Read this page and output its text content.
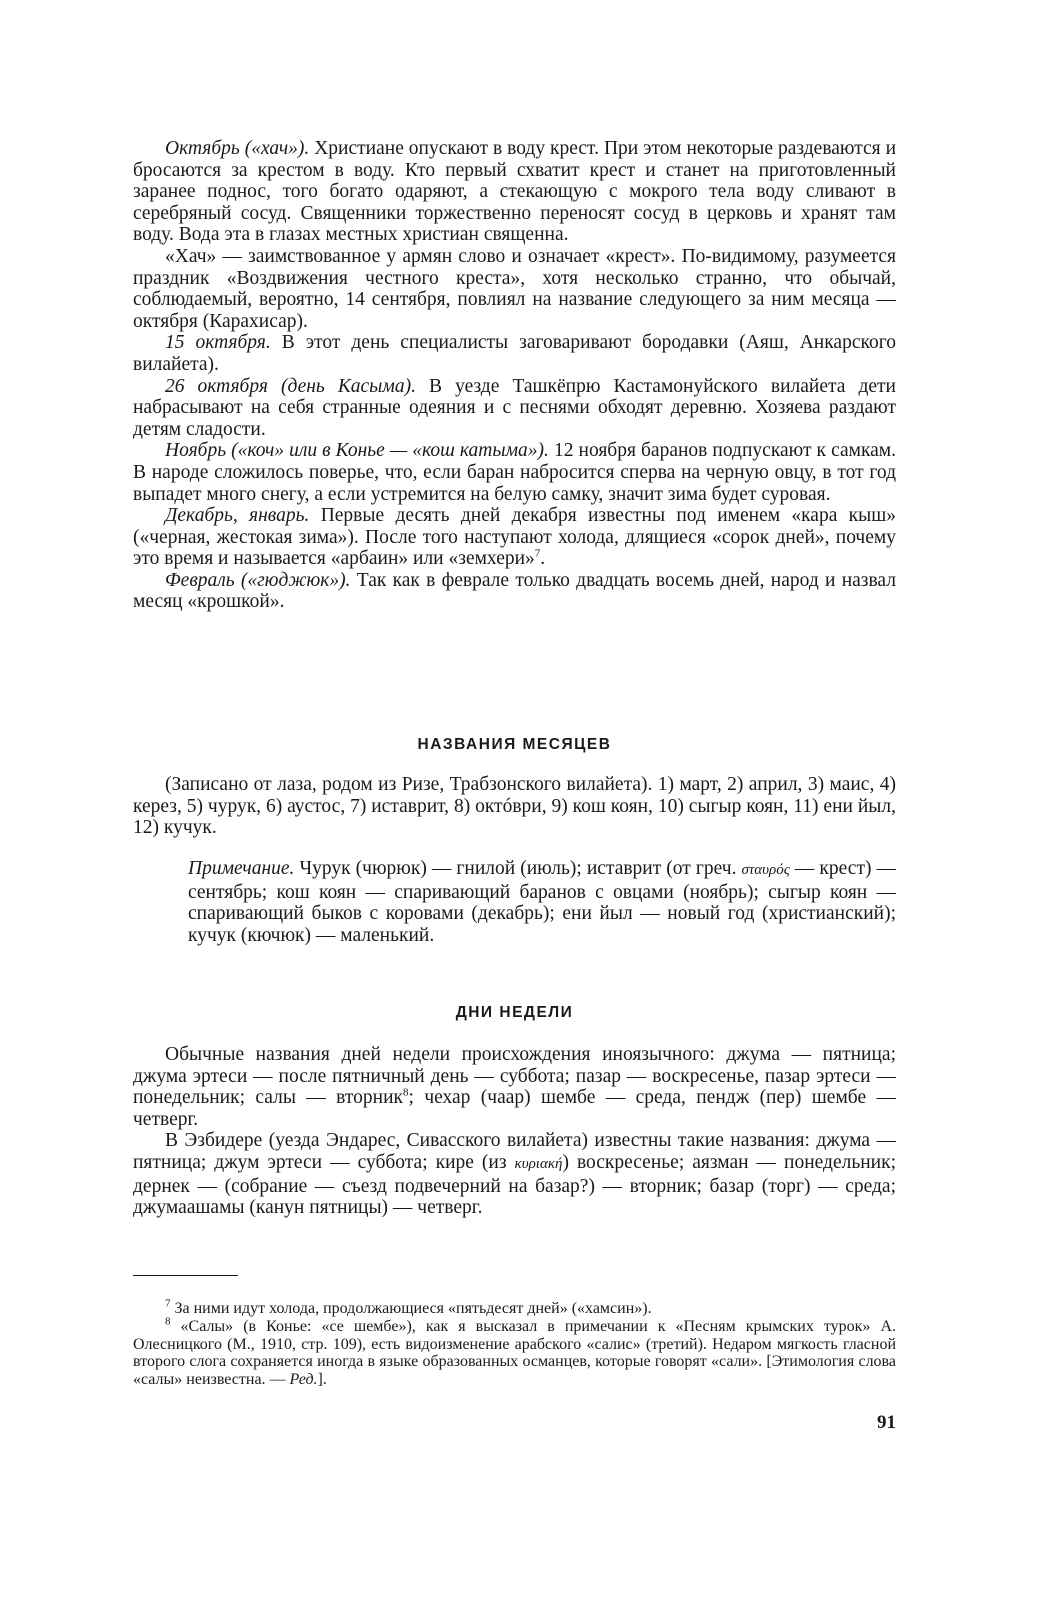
Октябрь («хач»). Христиане опускают в воду крест. При этом некоторые раздеваются и бросаются за крестом в воду. Кто первый схватит крест и станет на приготовленный заранее поднос, того богато одаряют, а стекающую с мокрого тела воду сливают в серебряный сосуд. Священники торжественно переносят сосуд в церковь и хранят там воду. Вода эта в глазах местных христиан священна.

«Хач» — заимствованное у армян слово и означает «крест». По-видимому, разумеется праздник «Воздвижения честного креста», хотя несколько странно, что обычай, соблюдаемый, вероятно, 14 сентября, повлиял на название следующего за ним месяца — октября (Карахисар).

15 октября. В этот день специалисты заговаривают бородавки (Аяш, Анкарского вилайета).

26 октября (день Касыма). В уезде Ташкёпрю Кастамонуйского вилайета дети набрасывают на себя странные одеяния и с песнями обходят деревню. Хозяева раздают детям сладости.

Ноябрь («коч» или в Конье — «кош катыма»). 12 ноября баранов подпускают к самкам. В народе сложилось поверье, что, если баран набросится сперва на черную овцу, в тот год выпадет много снегу, а если устремится на белую самку, значит зима будет суровая.

Декабрь, январь. Первые десять дней декабря известны под именем «кара кыш» («черная, жестокая зима»). После того наступают холода, длящиеся «сорок дней», почему это время и называется «арбаин» или «земхери»$^7$.

Февраль («гюджюк»). Так как в феврале только двадцать восемь дней, народ и назвал месяц «крошкой».

НАЗВАНИЯ МЕСЯЦЕВ

(Записано от лаза, родом из Ризе, Трабзонского вилайета). 1) март, 2) април, 3) маис, 4) керез, 5) чурук, 6) аустос, 7) иставрит, 8) октóври, 9) кош коян, 10) сыгыр коян, 11) ени йыл, 12) кучук.

Примечание. Чурук (чюрюк) — гнилой (июль); иставрит (от греч. σταυρός — крест) — сентябрь; кош коян — спаривающий баранов с овцами (ноябрь); сыгыр коян — спаривающий быков с коровами (декабрь); ени йыл — новый год (христианский); кучук (кючюк) — маленький.

ДНИ НЕДЕЛИ

Обычные названия дней недели происхождения иноязычного: джума — пятница; джума эртеси — после пятничный день — суббота; пазар — воскресенье, пазар эртеси — понедельник; салы — вторник$^8$; чехар (чаар) шембе — среда, пендж (пер) шембе — четверг.

В Эзбидере (уезда Эндарес, Сивасского вилайета) известны такие названия: джума — пятница; джум эртеси — суббота; кире (из κυριακή) воскресенье; аязман — понедельник; дернек — (собрание — съезд подвечерний на базар?) — вторник; базар (торг) — среда; джумаашамы (канун пятницы) — четверг.

$^7$ За ними идут холода, продолжающиеся «пятьдесят дней» («хамсин»).

$^8$ «Салы» (в Конье: «се шембе»), как я высказал в примечании к «Песням крымских турок» А. Олесницкого (М., 1910, стр. 109), есть видоизменение арабского «салис» (третий). Недаром мягкость гласной второго слога сохраняется иногда в языке образованных османцев, которые говорят «сали». [Этимология слова «салы» неизвестна. — Ред.].

91
